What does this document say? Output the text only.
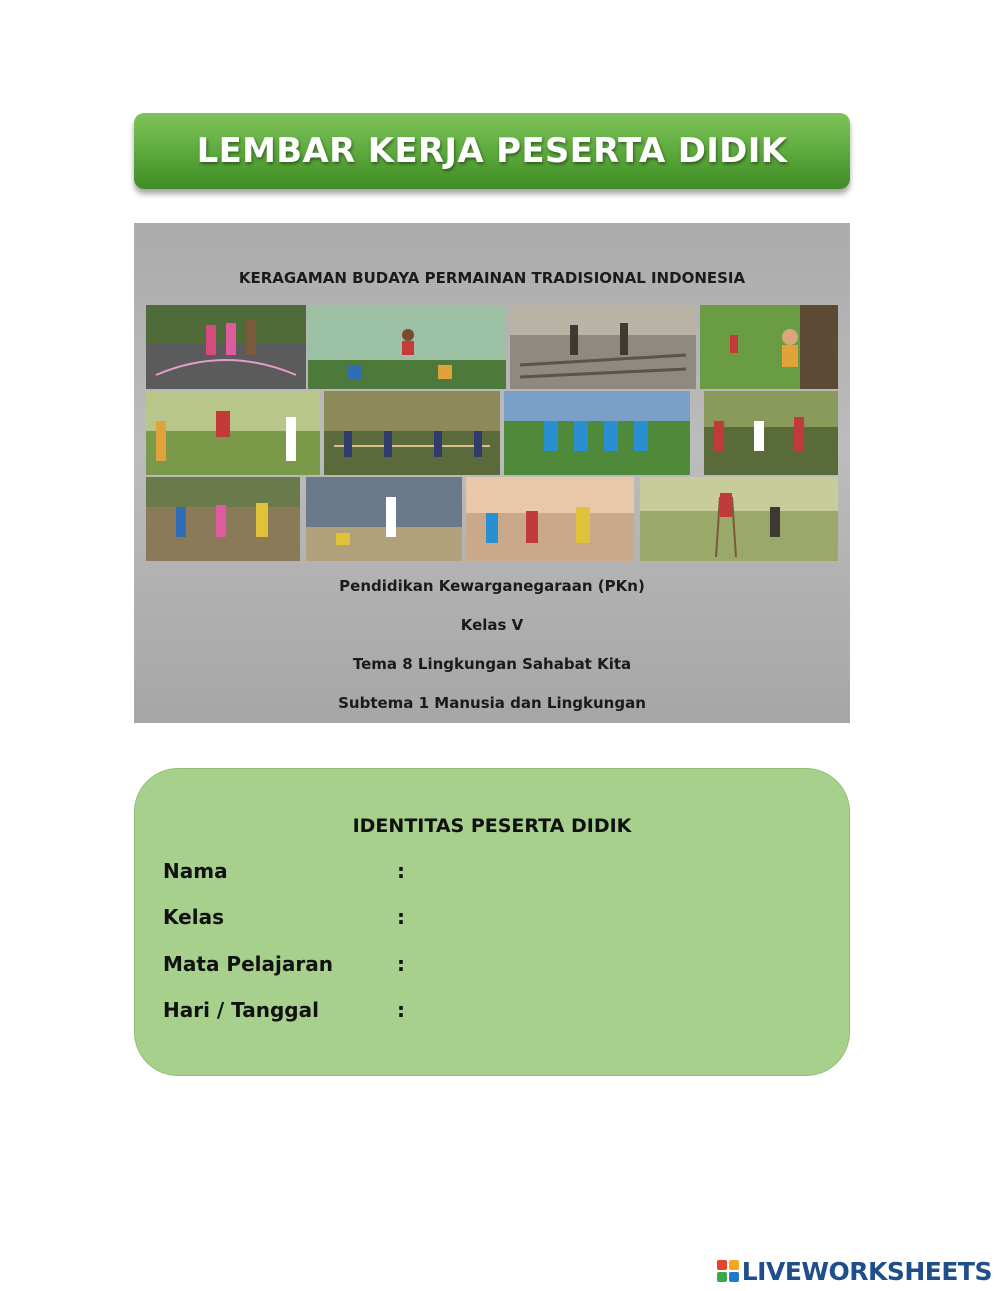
LEMBAR KERJA PESERTA DIDIK
KERAGAMAN BUDAYA PERMAINAN TRADISIONAL INDONESIA
Pendidikan Kewarganegaraan (PKn)
Kelas V
Tema 8 Lingkungan Sahabat Kita
Subtema 1 Manusia dan Lingkungan
IDENTITAS PESERTA DIDIK
Nama	:
Kelas	:
Mata Pelajaran	:
Hari / Tanggal	:
LIVEWORKSHEETS
